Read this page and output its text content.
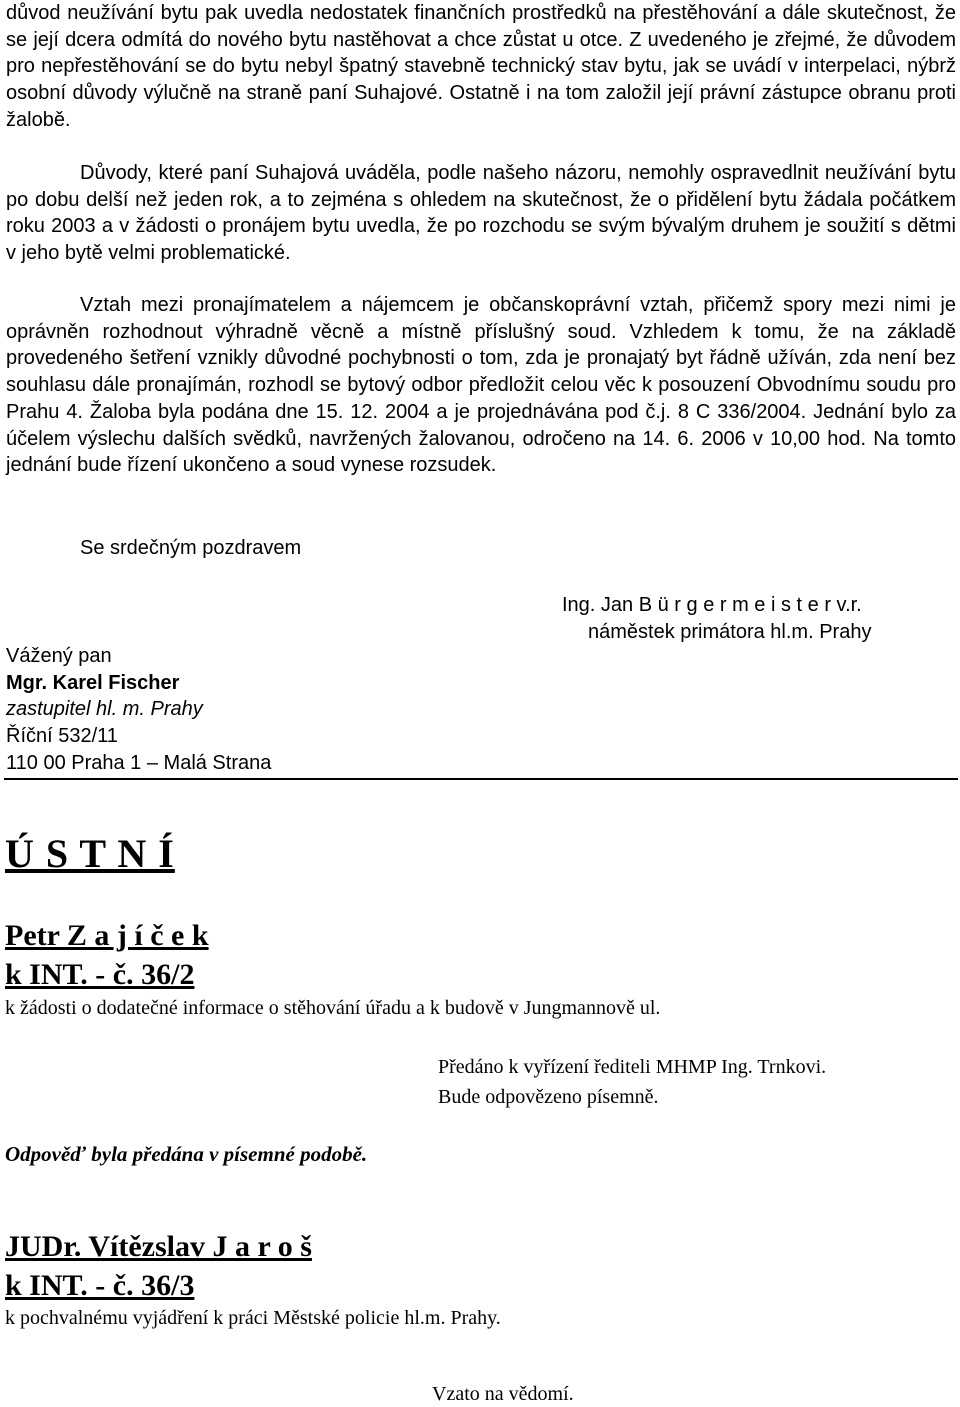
důvod neužívání bytu pak uvedla nedostatek finančních prostředků na přestěhování a dále skutečnost, že se její dcera odmítá do nového bytu nastěhovat a chce zůstat u otce. Z uvedeného je zřejmé, že důvodem pro nepřestěhování se do bytu nebyl špatný stavebně technický stav bytu, jak se uvádí v interpelaci, nýbrž osobní důvody výlučně na straně paní Suhajové. Ostatně i na tom založil její právní zástupce obranu proti žalobě.

Důvody, které paní Suhajová uváděla, podle našeho názoru, nemohly ospravedlnit neužívání bytu po dobu delší než jeden rok, a to zejména s ohledem na skutečnost, že o přidělení bytu žádala počátkem roku 2003 a v žádosti o pronájem bytu uvedla, že po rozchodu se svým bývalým druhem je soužití s dětmi v jeho bytě velmi problematické.

Vztah mezi pronajímatelem a nájemcem je občanskoprávní vztah, přičemž spory mezi nimi je oprávněn rozhodnout výhradně věcně a místně příslušný soud. Vzhledem k tomu, že na základě provedeného šetření vznikly důvodné pochybnosti o tom, zda je pronajatý byt řádně užíván, zda není bez souhlasu dále pronajímán, rozhodl se bytový odbor předložit celou věc k posouzení Obvodnímu soudu pro Prahu 4. Žaloba byla podána dne 15. 12. 2004 a je projednávána pod č.j. 8 C 336/2004. Jednání bylo za účelem výslechu dalších svědků, navržených žalovanou, odročeno na 14. 6. 2006 v 10,00 hod. Na tomto jednání bude řízení ukončeno a soud vynese rozsudek.

Se srdečným pozdravem
Ing. Jan B ü r g e r m e i s t e r v.r.
náměstek primátora hl.m. Prahy
Vážený pan
Mgr. Karel Fischer
zastupitel hl. m. Prahy
Říční 532/11
110 00 Praha 1 – Malá Strana
Ú S T N Í
Petr Z a j í č e k
k INT. - č. 36/2
k žádosti o dodatečné informace o stěhování úřadu a k budově v Jungmannově ul.
Předáno k vyřízení řediteli MHMP Ing. Trnkovi.
Bude odpovězeno písemně.
Odpověď byla předána v písemné podobě.
JUDr. Vítězslav J a r o š
k INT. - č. 36/3
k pochvalnému vyjádření k práci Městské policie hl.m. Prahy.
Vzato na vědomí.
